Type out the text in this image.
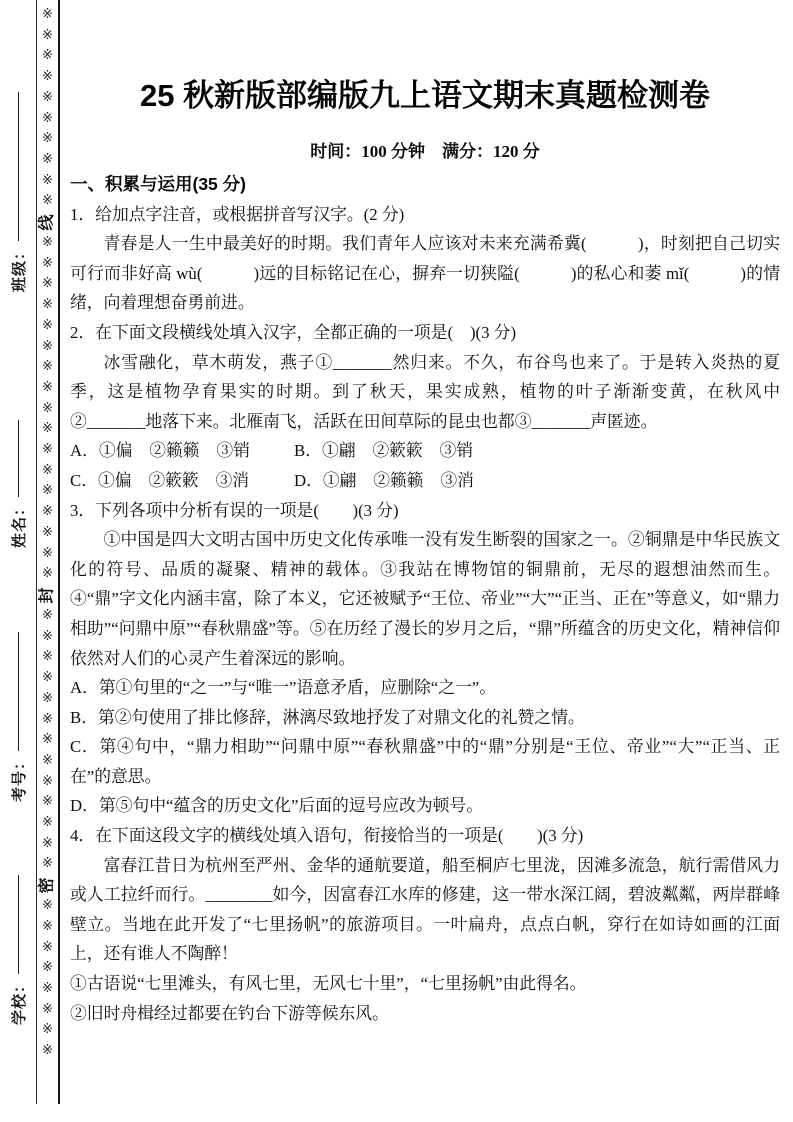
※
※
※
※
※
※
※
※
※
※
线
※
※
※
※
※
※
※
※
※
※
※
※
※
※
※
※
※
封
※
※
※
※
※
※
※
※
※
※
※
※
※
密
※
※
※
※
※
※
※
※
班级：
姓名：
考号：
学校：
25 秋新版部编版九上语文期末真题检测卷
时间：100 分钟　满分：120 分
一、积累与运用(35 分)

1．给加点字注音，或根据拼音写汉字。(2 分)

青春是人一生中最美好的时期。我们青年人应该对未来充满希冀(　　　)，时刻把自己切实可行而非好高 wù(　　　)远的目标铭记在心，摒弃一切狭隘(　　　)的私心和萎 mǐ(　　　)的情绪，向着理想奋勇前进。

2．在下面文段横线处填入汉字，全都正确的一项是(　)(3 分)

冰雪融化，草木萌发，燕子①_______然归来。不久，布谷鸟也来了。于是转入炎热的夏季，这是植物孕育果实的时期。到了秋天，果实成熟，植物的叶子渐渐变黄，在秋风中②_______地落下来。北雁南飞，活跃在田间草际的昆虫也都③_______声匿迹。

A．①偏　②籁籁　③销	B．①翩　②簌簌　③销
C．①偏　②簌簌　③消	D．①翩　②籁籁　③消

3．下列各项中分析有误的一项是(　　)(3 分)

①中国是四大文明古国中历史文化传承唯一没有发生断裂的国家之一。②铜鼎是中华民族文化的符号、品质的凝聚、精神的载体。③我站在博物馆的铜鼎前，无尽的遐想油然而生。④“鼎”字文化内涵丰富，除了本义，它还被赋予“王位、帝业”“大”“正当、正在”等意义，如“鼎力相助”“问鼎中原”“春秋鼎盛”等。⑤在历经了漫长的岁月之后，“鼎”所蕴含的历史文化，精神信仰依然对人们的心灵产生着深远的影响。

A．第①句里的“之一”与“唯一”语意矛盾，应删除“之一”。

B．第②句使用了排比修辞，淋漓尽致地抒发了对鼎文化的礼赞之情。

C．第④句中，“鼎力相助”“问鼎中原”“春秋鼎盛”中的“鼎”分别是“王位、帝业”“大”“正当、正在”的意思。

D．第⑤句中“蕴含的历史文化”后面的逗号应改为顿号。

4．在下面这段文字的横线处填入语句，衔接恰当的一项是(　　)(3 分)

富春江昔日为杭州至严州、金华的通航要道，船至桐庐七里泷，因滩多流急，航行需借风力或人工拉纤而行。________如今，因富春江水库的修建，这一带水深江阔，碧波粼粼，两岸群峰壁立。当地在此开发了“七里扬帆”的旅游项目。一叶扁舟，点点白帆，穿行在如诗如画的江面上，还有谁人不陶醉！

①古语说“七里滩头，有风七里，无风七十里”，“七里扬帆”由此得名。

②旧时舟楫经过都要在钓台下游等候东风。
